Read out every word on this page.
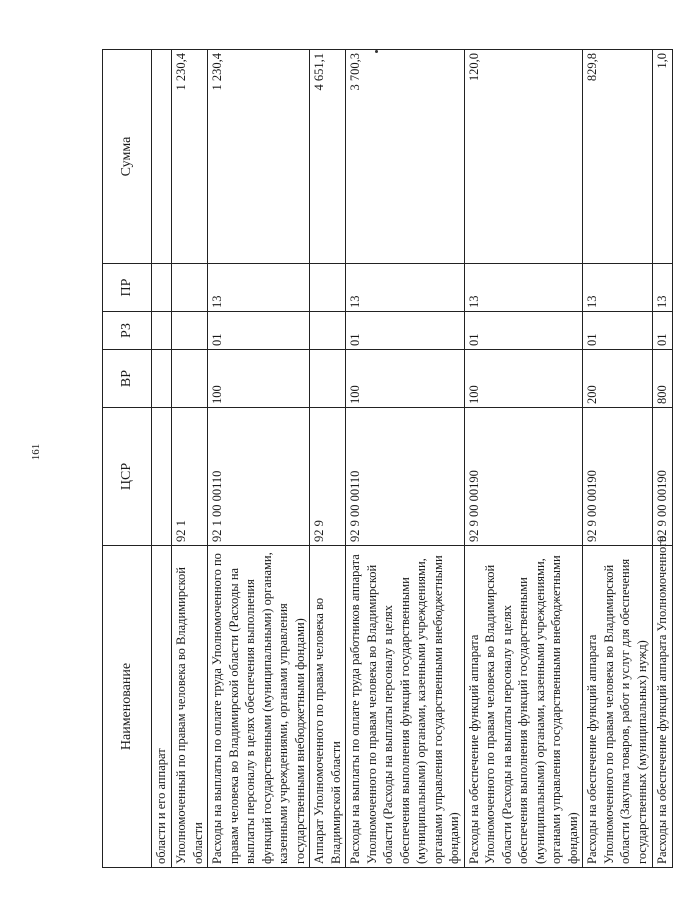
161
Наименование	ЦСР	ВР	РЗ	ПР	Сумма
области и его аппарат					
Уполномоченный по правам человека во Владимирской области	92 1				1 230,4
Расходы на выплаты по оплате труда Уполномоченного по правам человека во Владимирской области (Расходы на выплаты персоналу в целях обеспечения выполнения функций государственными (муниципальными) органами, казенными учреждениями, органами управления государственными внебюджетными фондами)	92 1 00 00110	100	01	13	1 230,4
Аппарат Уполномоченного по правам человека во Владимирской области	92 9				4 651,1
Расходы на выплаты по оплате труда работников аппарата Уполномоченного по правам человека во Владимирской области (Расходы на выплаты персоналу в целях обеспечения выполнения функций государственными (муниципальными) органами, казенными учреждениями, органами управления государственными внебюджетными фондами)	92 9 00 00110	100	01	13	3 700,3
Расходы на обеспечение функций аппарата Уполномоченного по правам человека во Владимирской области (Расходы на выплаты персоналу в целях обеспечения выполнения функций государственными (муниципальными) органами, казенными учреждениями, органами управления государственными внебюджетными фондами)	92 9 00 00190	100	01	13	120,0
Расходы на обеспечение функций аппарата Уполномоченного по правам человека во Владимирской области (Закупка товаров, работ и услуг для обеспечения государственных (муниципальных) нужд)	92 9 00 00190	200	01	13	829,8
Расходы на обеспечение функций аппарата Уполномоченного	92 9 00 00190	800	01	13	1,0
